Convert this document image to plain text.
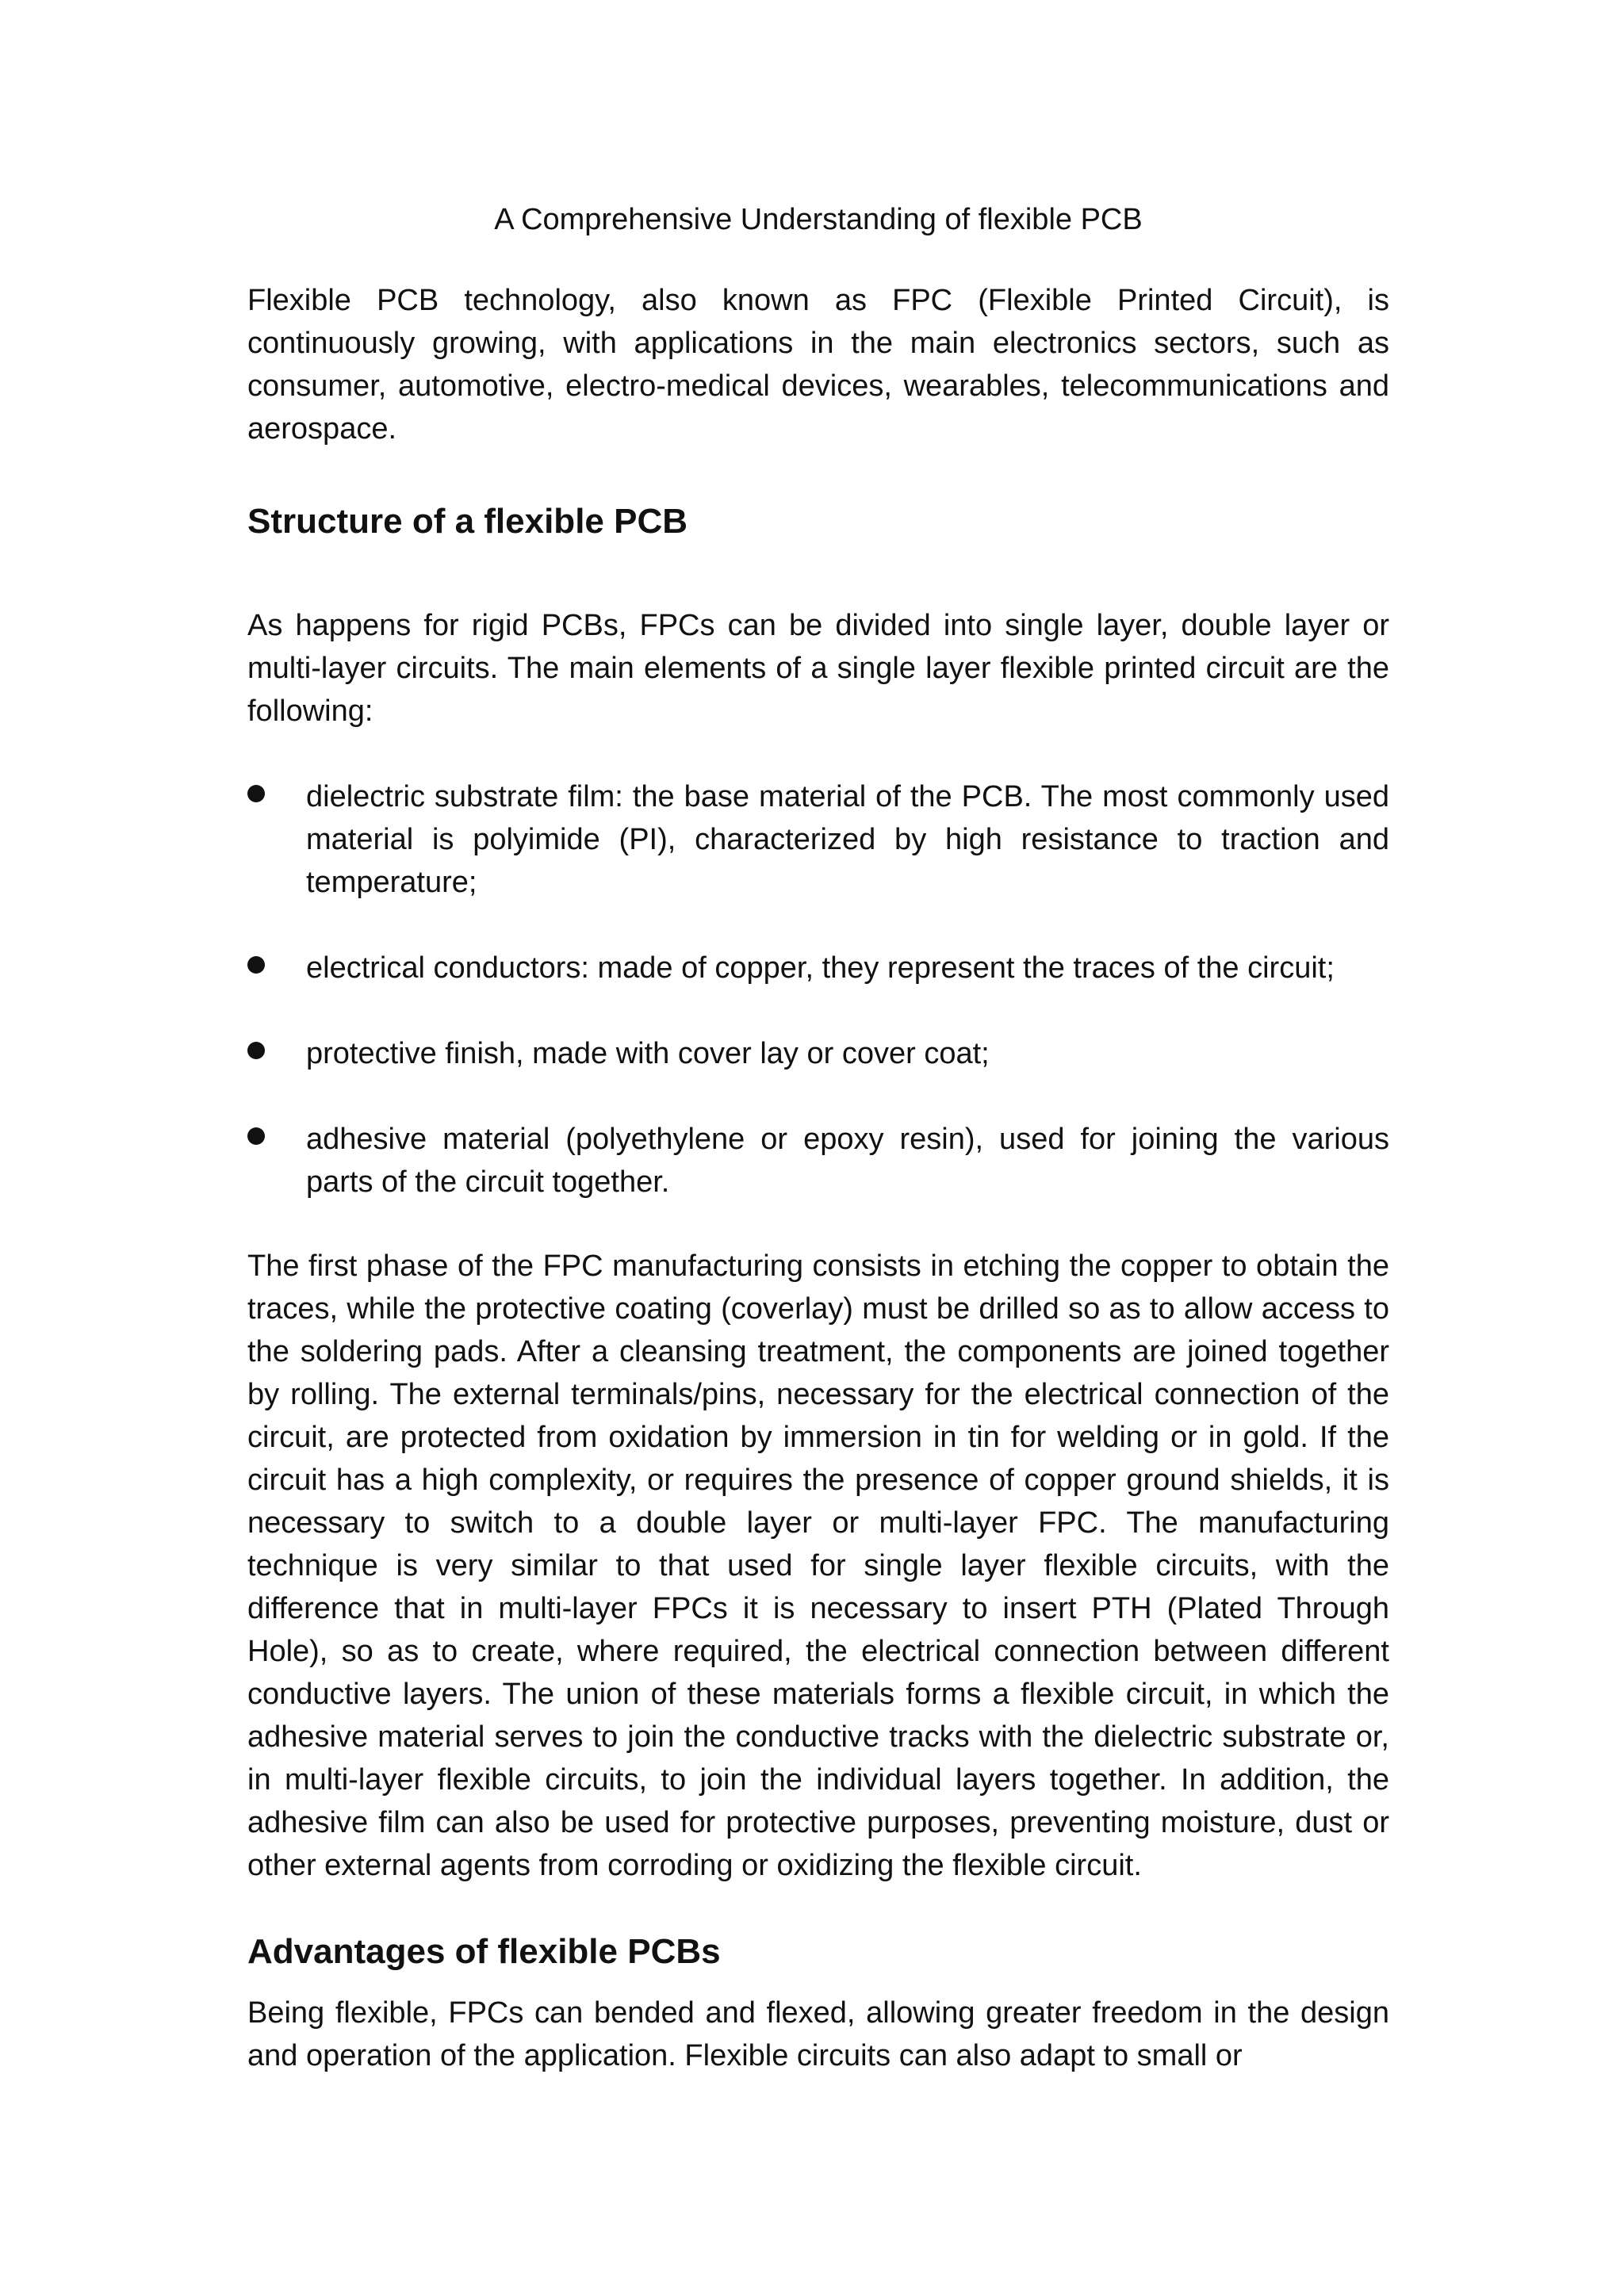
A Comprehensive Understanding of flexible PCB

Flexible PCB technology, also known as FPC (Flexible Printed Circuit), is continuously growing, with applications in the main electronics sectors, such as consumer, automotive, electro-medical devices, wearables, telecommunications and aerospace.

Structure of a flexible PCB

As happens for rigid PCBs, FPCs can be divided into single layer, double layer or multi-layer circuits. The main elements of a single layer flexible printed circuit are the following:

dielectric substrate film: the base material of the PCB. The most commonly used material is polyimide (PI), characterized by high resistance to traction and temperature;
electrical conductors: made of copper, they represent the traces of the circuit;
protective finish, made with cover lay or cover coat;
adhesive material (polyethylene or epoxy resin), used for joining the various parts of the circuit together.

The first phase of the FPC manufacturing consists in etching the copper to obtain the traces, while the protective coating (coverlay) must be drilled so as to allow access to the soldering pads. After a cleansing treatment, the components are joined together by rolling. The external terminals/pins, necessary for the electrical connection of the circuit, are protected from oxidation by immersion in tin for welding or in gold. If the circuit has a high complexity, or requires the presence of copper ground shields, it is necessary to switch to a double layer or multi-layer FPC. The manufacturing technique is very similar to that used for single layer flexible circuits, with the difference that in multi-layer FPCs it is necessary to insert PTH (Plated Through Hole), so as to create, where required, the electrical connection between different conductive layers. The union of these materials forms a flexible circuit, in which the adhesive material serves to join the conductive tracks with the dielectric substrate or, in multi-layer flexible circuits, to join the individual layers together. In addition, the adhesive film can also be used for protective purposes, preventing moisture, dust or other external agents from corroding or oxidizing the flexible circuit.

Advantages of flexible PCBs

Being flexible, FPCs can bended and flexed, allowing greater freedom in the design and operation of the application. Flexible circuits can also adapt to small or
